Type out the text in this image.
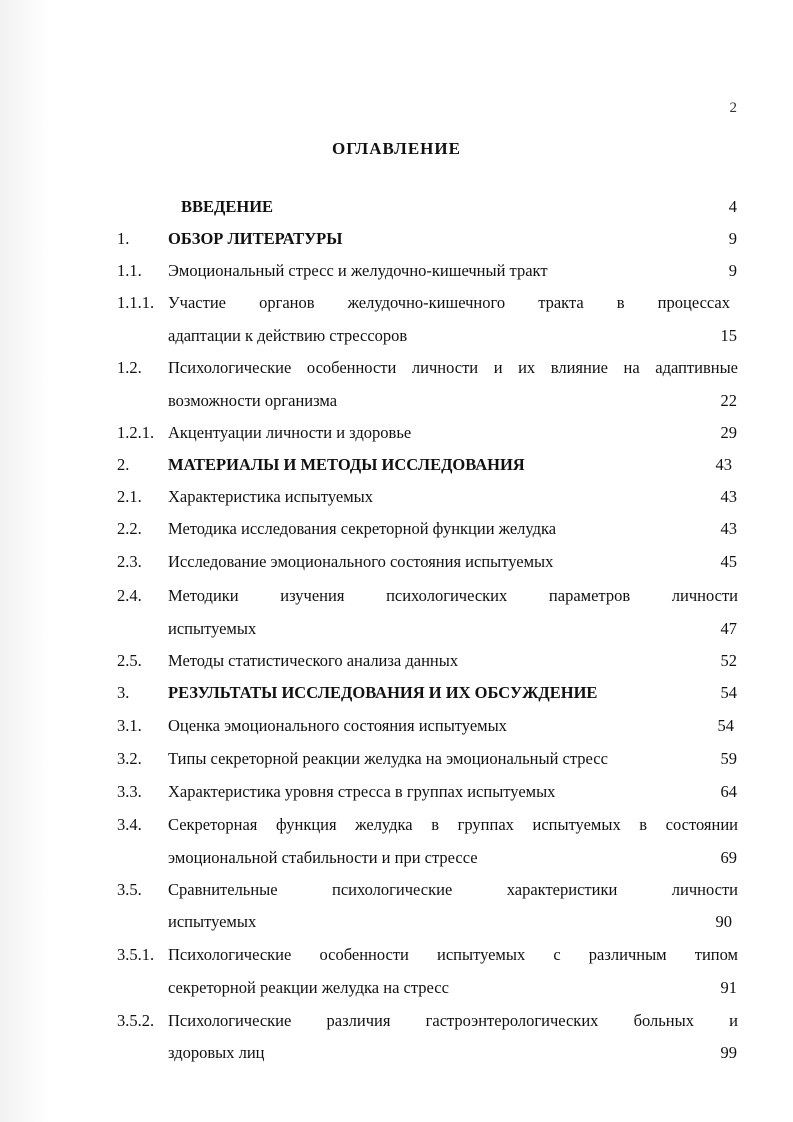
2
ОГЛАВЛЕНИЕ
ВВЕДЕНИЕ	4
1. ОБЗОР ЛИТЕРАТУРЫ	9
1.1. Эмоциональный стресс и желудочно-кишечный тракт	9
1.1.1. Участие органов желудочно-кишечного тракта в процессах
адаптации к действию стрессоров	15
1.2. Психологические особенности личности и их влияние на адаптивные
возможности организма	22
1.2.1. Акцентуации личности и здоровье	29
2. МАТЕРИАЛЫ И МЕТОДЫ ИССЛЕДОВАНИЯ	43
2.1. Характеристика испытуемых	43
2.2. Методика исследования секреторной функции желудка	43
2.3. Исследование эмоционального состояния испытуемых	45
2.4. Методики изучения психологических параметров личности
испытуемых	47
2.5. Методы статистического анализа данных	52
3. РЕЗУЛЬТАТЫ ИССЛЕДОВАНИЯ И ИХ ОБСУЖДЕНИЕ	54
3.1. Оценка эмоционального состояния испытуемых	54
3.2. Типы секреторной реакции желудка на эмоциональный стресс	59
3.3. Характеристика уровня стресса в группах испытуемых	64
3.4. Секреторная функция желудка в группах испытуемых в состоянии
эмоциональной стабильности и при стрессе	69
3.5. Сравнительные психологические характеристики личности
испытуемых	90
3.5.1. Психологические особенности испытуемых с различным типом
секреторной реакции желудка на стресс	91
3.5.2. Психологические различия гастроэнтерологических больных и
здоровых лиц	99
